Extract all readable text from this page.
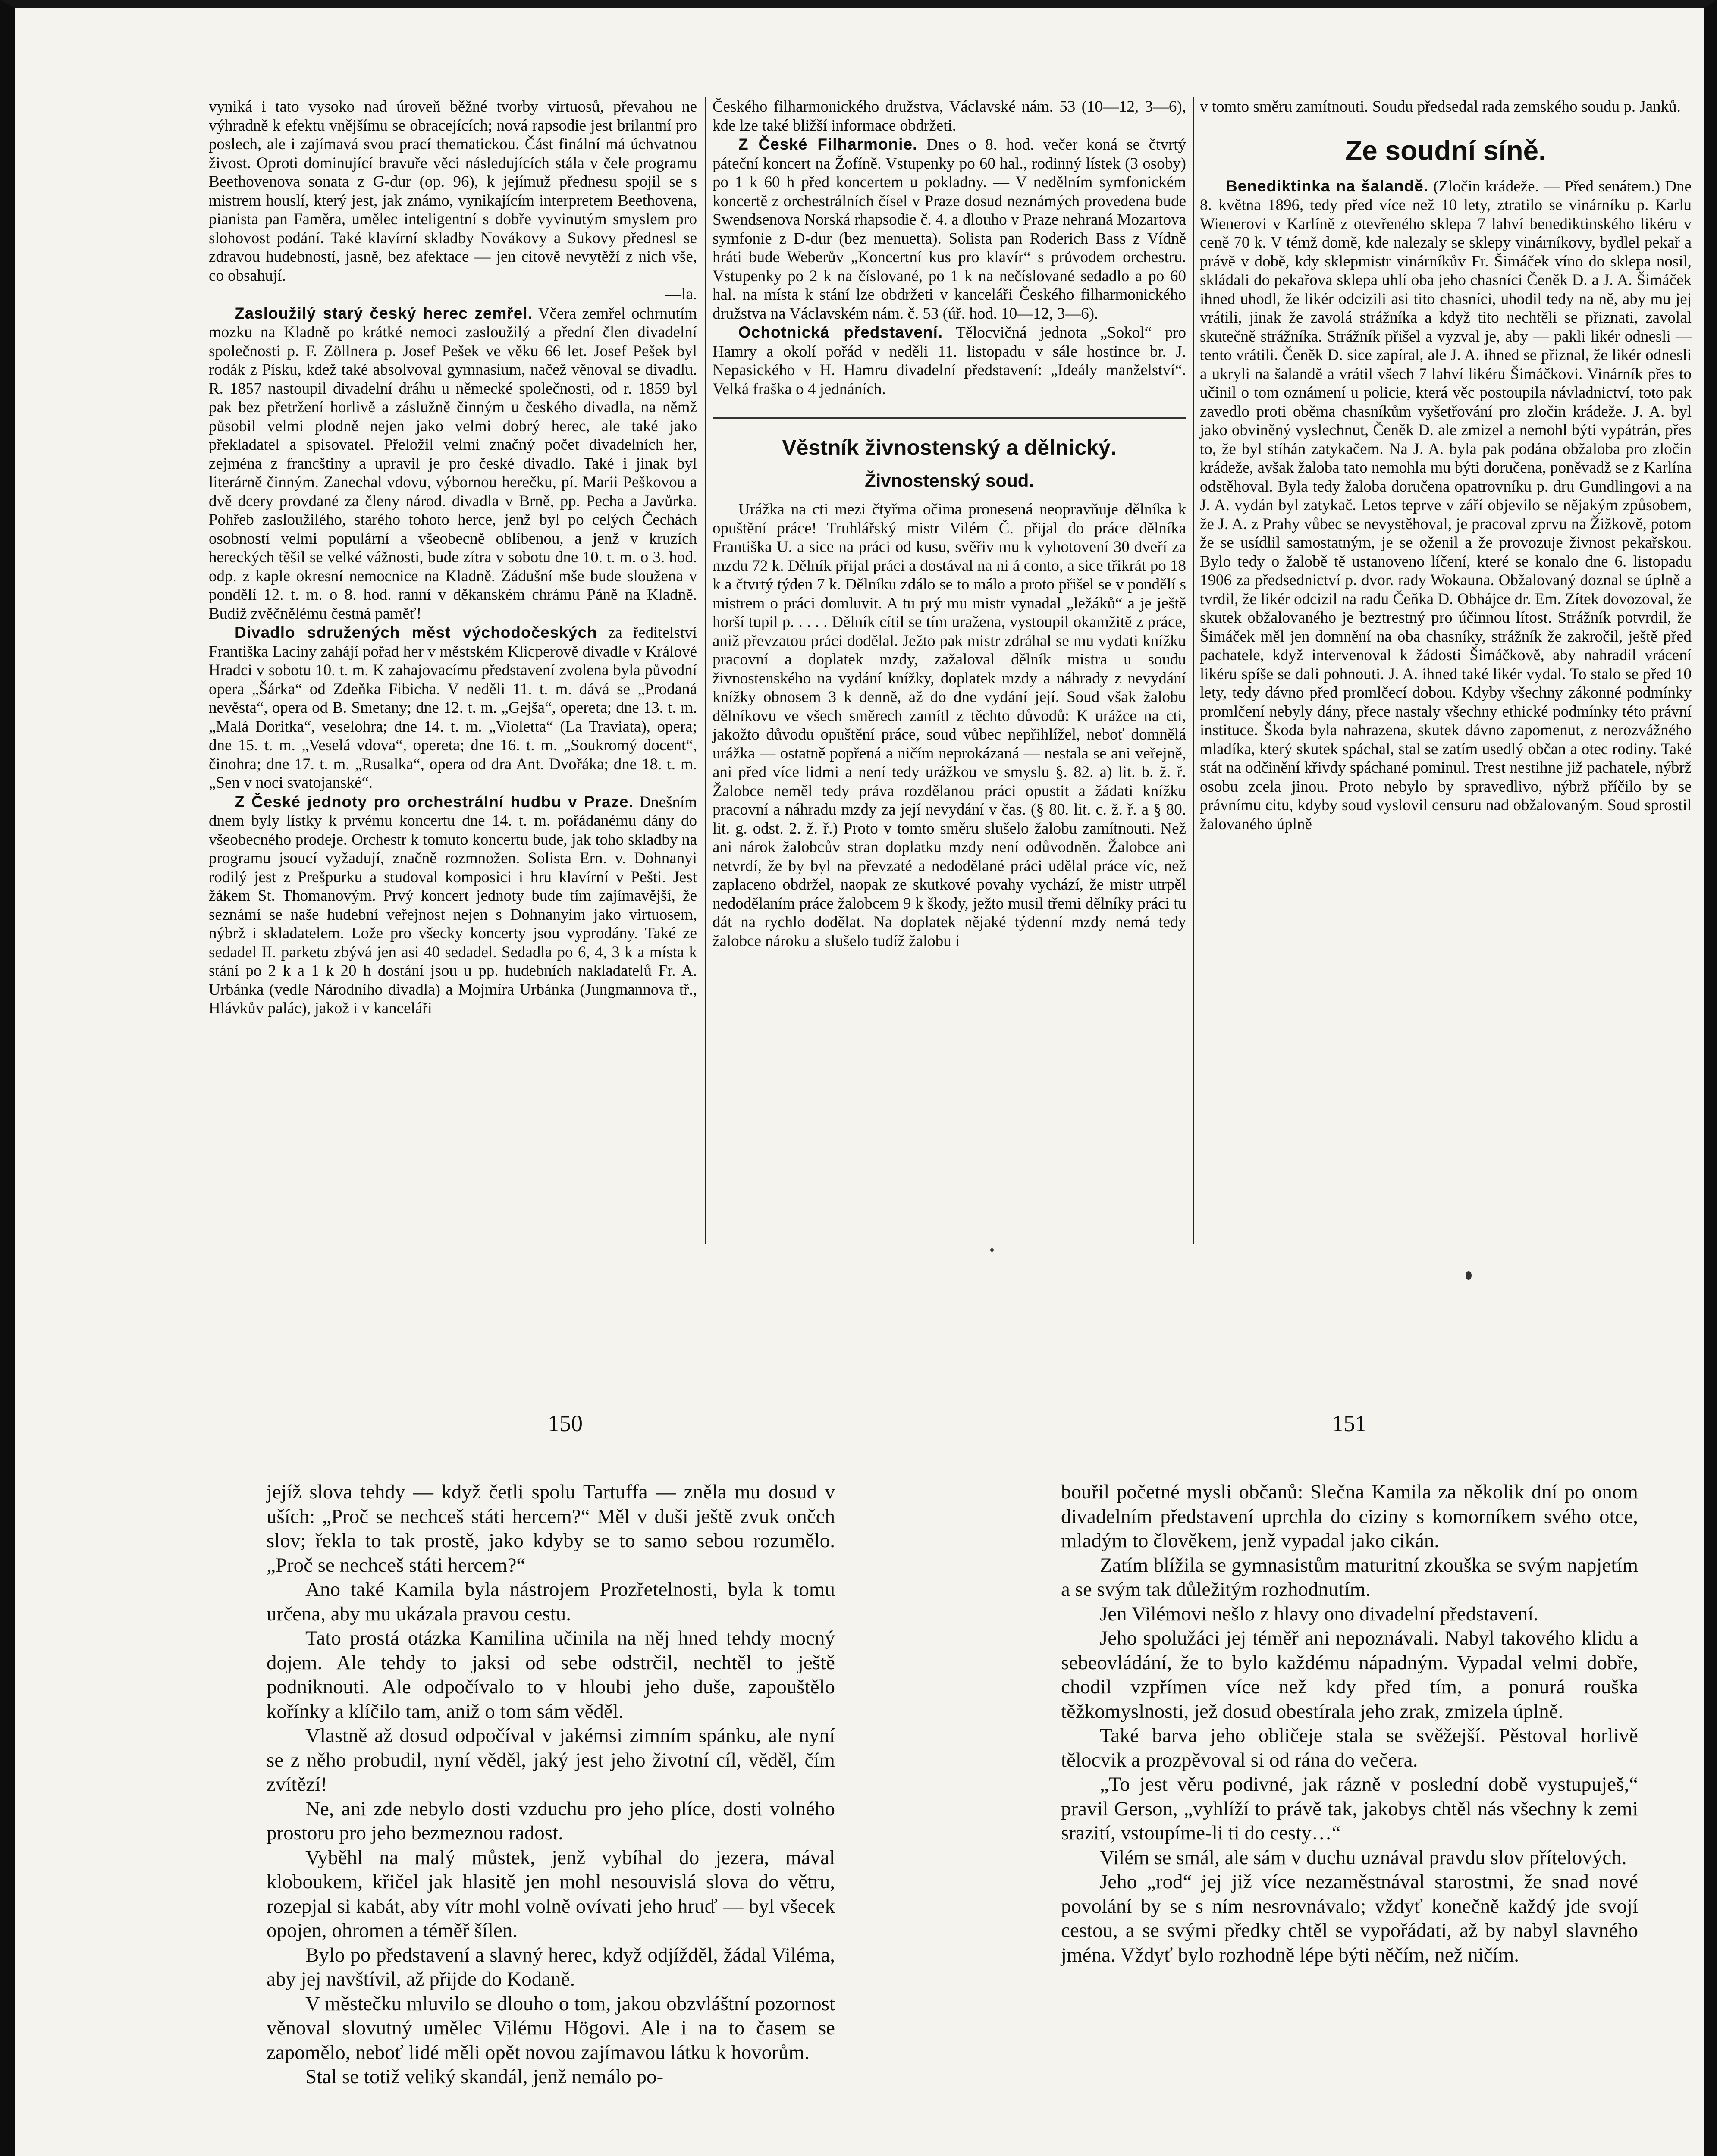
vyniká i tato vysoko nad úroveň běžné tvorby virtuosů, převahou ne výhradně k efektu vnějšímu se obracejících; nová rapsodie jest brilantní pro poslech, ale i zajímavá svou prací thematickou. Část finální má úchvatnou živost. Oproti dominující bravuře věci následujících stála v čele programu Beethovenova sonata z G-dur (op. 96), k jejímuž přednesu spojil se s mistrem houslí, který jest, jak známo, vynikajícím interpretem Beethovena, pianista pan Faměra, umělec inteligentní s dobře vyvinutým smyslem pro slohovost podání. Také klavírní skladby Novákovy a Sukovy přednesl se zdravou hudebností, jasně, bez afektace — jen citově nevytěží z nich vše, co obsahují.

—la.

Zasloužilý starý český herec zemřel. Včera zemřel ochrnutím mozku na Kladně po krátké nemoci zasloužilý a přední člen divadelní společnosti p. F. Zöllnera p. Josef Pešek ve věku 66 let. Josef Pešek byl rodák z Písku, kdež také absolvoval gymnasium, načež věnoval se divadlu. R. 1857 nastoupil divadelní dráhu u německé společnosti, od r. 1859 byl pak bez přetržení horlivě a záslužně činným u českého divadla, na němž působil velmi plodně nejen jako velmi dobrý herec, ale také jako překladatel a spisovatel. Přeložil velmi značný počet divadelních her, zejména z francštiny a upravil je pro české divadlo. Také i jinak byl literárně činným. Zanechal vdovu, výbornou herečku, pí. Marii Peškovou a dvě dcery provdané za členy národ. divadla v Brně, pp. Pecha a Javůrka. Pohřeb zasloužilého, starého tohoto herce, jenž byl po celých Čechách osobností velmi populární a všeobecně oblíbenou, a jenž v kruzích hereckých těšil se velké vážnosti, bude zítra v sobotu dne 10. t. m. o 3. hod. odp. z kaple okresní nemocnice na Kladně. Zádušní mše bude sloužena v pondělí 12. t. m. o 8. hod. ranní v děkanském chrámu Páně na Kladně. Budiž zvěčnělému čestná paměť!

Divadlo sdružených měst východočeských za ředitelství Františka Laciny zahájí pořad her v městském Klicperově divadle v Králové Hradci v sobotu 10. t. m. K zahajovacímu představení zvolena byla původní opera „Šárka“ od Zdeňka Fibicha. V neděli 11. t. m. dává se „Prodaná nevěsta“, opera od B. Smetany; dne 12. t. m. „Gejša“, opereta; dne 13. t. m. „Malá Doritka“, veselohra; dne 14. t. m. „Violetta“ (La Traviata), opera; dne 15. t. m. „Veselá vdova“, opereta; dne 16. t. m. „Soukromý docent“, činohra; dne 17. t. m. „Rusalka“, opera od dra Ant. Dvořáka; dne 18. t. m. „Sen v noci svatojanské“.

Z České jednoty pro orchestrální hudbu v Praze. Dnešním dnem byly lístky k prvému koncertu dne 14. t. m. pořádanému dány do všeobecného prodeje. Orchestr k tomuto koncertu bude, jak toho skladby na programu jsoucí vyžadují, značně rozmnožen. Solista Ern. v. Dohnanyi rodilý jest z Prešpurku a studoval komposici i hru klavírní v Pešti. Jest žákem St. Thomanovým. Prvý koncert jednoty bude tím zajímavější, že seznámí se naše hudební veřejnost nejen s Dohnanyim jako virtuosem, nýbrž i skladatelem. Lože pro všecky koncerty jsou vyprodány. Také ze sedadel II. parketu zbývá jen asi 40 sedadel. Sedadla po 6, 4, 3 k a místa k stání po 2 k a 1 k 20 h dostání jsou u pp. hudebních nakladatelů Fr. A. Urbánka (vedle Národního divadla) a Mojmíra Urbánka (Jungmannova tř., Hlávkův palác), jakož i v kanceláři

Českého filharmonického družstva, Václavské nám. 53 (10—12, 3—6), kde lze také bližší informace obdržeti.

Z České Filharmonie. Dnes o 8. hod. večer koná se čtvrtý páteční koncert na Žofíně. Vstupenky po 60 hal., rodinný lístek (3 osoby) po 1 k 60 h před koncertem u pokladny. — V nedělním symfonickém koncertě z orchestrálních čísel v Praze dosud neznámých provedena bude Swendsenova Norská rhapsodie č. 4. a dlouho v Praze nehraná Mozartova symfonie z D-dur (bez menuetta). Solista pan Roderich Bass z Vídně hráti bude Weberův „Koncertní kus pro klavír“ s průvodem orchestru. Vstupenky po 2 k na číslované, po 1 k na nečíslované sedadlo a po 60 hal. na místa k stání lze obdržeti v kanceláři Českého filharmonického družstva na Václavském nám. č. 53 (úř. hod. 10—12, 3—6).

Ochotnická představení. Tělocvičná jednota „Sokol“ pro Hamry a okolí pořád v neděli 11. listopadu v sále hostince br. J. Nepasického v H. Hamru divadelní představení: „Ideály manželství“. Velká fraška o 4 jednáních.

Věstník živnostenský a dělnický.
Živnostenský soud.

Urážka na cti mezi čtyřma očima pronesená neopravňuje dělníka k opuštění práce! Truhlářský mistr Vilém Č. přijal do práce dělníka Františka U. a sice na práci od kusu, svěřiv mu k vyhotovení 30 dveří za mzdu 72 k. Dělník přijal práci a dostával na ni á conto, a sice třikrát po 18 k a čtvrtý týden 7 k. Dělníku zdálo se to málo a proto přišel se v pondělí s mistrem o práci domluvit. A tu prý mu mistr vynadal „ležáků“ a je ještě horší tupil p. . . . . Dělník cítil se tím uražena, vystoupil okamžitě z práce, aniž převzatou práci dodělal. Ježto pak mistr zdráhal se mu vydati knížku pracovní a doplatek mzdy, zažaloval dělník mistra u soudu živnostenského na vydání knížky, doplatek mzdy a náhrady z nevydání knížky obnosem 3 k denně, až do dne vydání její. Soud však žalobu dělníkovu ve všech směrech zamítl z těchto důvodů: K urážce na cti, jakožto důvodu opuštění práce, soud vůbec nepřihlížel, neboť domnělá urážka — ostatně popřená a ničím neprokázaná — nestala se ani veřejně, ani před více lidmi a není tedy urážkou ve smyslu §. 82. a) lit. b. ž. ř. Žalobce neměl tedy práva rozdělanou práci opustit a žádati knížku pracovní a náhradu mzdy za její nevydání v čas. (§ 80. lit. c. ž. ř. a § 80. lit. g. odst. 2. ž. ř.) Proto v tomto směru slušelo žalobu zamítnouti. Než ani nárok žalobcův stran doplatku mzdy není odůvodněn. Žalobce ani netvrdí, že by byl na převzaté a nedodělané práci udělal práce víc, než zaplaceno obdržel, naopak ze skutkové povahy vychází, že mistr utrpěl nedodělaním práce žalobcem 9 k škody, ježto musil třemi dělníky práci tu dát na rychlo dodělat. Na doplatek nějaké týdenní mzdy nemá tedy žalobce nároku a slušelo tudíž žalobu i

v tomto směru zamítnouti. Soudu předsedal rada zemského soudu p. Janků.

Ze soudní síně.

Benediktinka na šalandě. (Zločin krádeže. — Před senátem.) Dne 8. května 1896, tedy před více než 10 lety, ztratilo se vinárníku p. Karlu Wienerovi v Karlíně z otevřeného sklepa 7 lahví benediktinského likéru v ceně 70 k. V témž domě, kde nalezaly se sklepy vinárníkovy, bydlel pekař a právě v době, kdy sklepmistr vinárníkův Fr. Šimáček víno do sklepa nosil, skládali do pekařova sklepa uhlí oba jeho chasníci Čeněk D. a J. A. Šimáček ihned uhodl, že likér odcizili asi tito chasníci, uhodil tedy na ně, aby mu jej vrátili, jinak že zavolá strážníka a když tito nechtěli se přiznati, zavolal skutečně strážníka. Strážník přišel a vyzval je, aby — pakli likér odnesli — tento vrátili. Čeněk D. sice zapíral, ale J. A. ihned se přiznal, že likér odnesli a ukryli na šalandě a vrátil všech 7 lahví likéru Šimáčkovi. Vinárník přes to učinil o tom oznámení u policie, která věc postoupila návladnictví, toto pak zavedlo proti oběma chasníkům vyšetřování pro zločin krádeže. J. A. byl jako obviněný vyslechnut, Čeněk D. ale zmizel a nemohl býti vypátrán, přes to, že byl stíhán zatykačem. Na J. A. byla pak podána obžaloba pro zločin krádeže, avšak žaloba tato nemohla mu býti doručena, poněvadž se z Karlína odstěhoval. Byla tedy žaloba doručena opatrovníku p. dru Gundlingovi a na J. A. vydán byl zatykač. Letos teprve v září objevilo se nějakým způsobem, že J. A. z Prahy vůbec se nevystěhoval, je pracoval zprvu na Žižkově, potom že se usídlil samostatným, je se oženil a že provozuje živnost pekařskou. Bylo tedy o žalobě tě ustanoveno líčení, které se konalo dne 6. listopadu 1906 za předsednictví p. dvor. rady Wokauna. Obžalovaný doznal se úplně a tvrdil, že likér odcizil na radu Čeňka D. Obhájce dr. Em. Zítek dovozoval, že skutek obžalovaného je beztrestný pro účinnou lítost. Strážník potvrdil, že Šimáček měl jen domnění na oba chasníky, strážník že zakročil, ještě před pachatele, když intervenoval k žádosti Šimáčkově, aby nahradil vrácení likéru spíše se dali pohnouti. J. A. ihned také likér vydal. To stalo se před 10 lety, tedy dávno před promlčecí dobou. Kdyby všechny zákonné podmínky promlčení nebyly dány, přece nastaly všechny ethické podmínky této právní instituce. Škoda byla nahrazena, skutek dávno zapomenut, z nerozvážného mladíka, který skutek spáchal, stal se zatím usedlý občan a otec rodiny. Také stát na odčinění křivdy spáchané pominul. Trest nestihne již pachatele, nýbrž osobu zcela jinou. Proto nebylo by spravedlivo, nýbrž příčilo by se právnímu citu, kdyby soud vyslovil censuru nad obžalovaným. Soud sprostil žalovaného úplně

150	151

jejíž slova tehdy — když četli spolu Tartuffa — zněla mu dosud v uších: „Proč se nechceš státi hercem?“ Měl v duši ještě zvuk ončch slov; řekla to tak prostě, jako kdyby se to samo sebou rozumělo. „Proč se nechceš státi hercem?“

Ano také Kamila byla nástrojem Prozřetelnosti, byla k tomu určena, aby mu ukázala pravou cestu.

Tato prostá otázka Kamilina učinila na něj hned tehdy mocný dojem. Ale tehdy to jaksi od sebe odstrčil, nechtěl to ještě podniknouti. Ale odpočívalo to v hloubi jeho duše, zapouštělo kořínky a klíčilo tam, aniž o tom sám věděl.

Vlastně až dosud odpočíval v jakémsi zimním spánku, ale nyní se z něho probudil, nyní věděl, jaký jest jeho životní cíl, věděl, čím zvítězí!

Ne, ani zde nebylo dosti vzduchu pro jeho plíce, dosti volného prostoru pro jeho bezmeznou radost.

Vyběhl na malý můstek, jenž vybíhal do jezera, mával kloboukem, křičel jak hlasitě jen mohl nesouvislá slova do větru, rozepjal si kabát, aby vítr mohl volně ovívati jeho hruď — byl všecek opojen, ohromen a téměř šílen.

Bylo po představení a slavný herec, když odjížděl, žádal Viléma, aby jej navštívil, až přijde do Kodaně.

V městečku mluvilo se dlouho o tom, jakou obzvláštní pozornost věnoval slovutný umělec Vilému Högovi. Ale i na to časem se zapomělo, neboť lidé měli opět novou zajímavou látku k hovorům.

Stal se totiž veliký skandál, jenž nemálo po-

bouřil početné mysli občanů: Slečna Kamila za několik dní po onom divadelním představení uprchla do ciziny s komorníkem svého otce, mladým to člověkem, jenž vypadal jako cikán.

Zatím blížila se gymnasistům maturitní zkouška se svým napjetím a se svým tak důležitým rozhodnutím.

Jen Vilémovi nešlo z hlavy ono divadelní představení.

Jeho spolužáci jej téměř ani nepoznávali. Nabyl takového klidu a sebeovládání, že to bylo každému nápadným. Vypadal velmi dobře, chodil vzpřímen více než kdy před tím, a ponurá rouška těžkomyslnosti, jež dosud obestírala jeho zrak, zmizela úplně.

Také barva jeho obličeje stala se svěžejší. Pěstoval horlivě tělocvik a prozpěvoval si od rána do večera.

„To jest věru podivné, jak rázně v poslední době vystupuješ,“ pravil Gerson, „vyhlíží to právě tak, jakobys chtěl nás všechny k zemi srazití, vstoupíme-li ti do cesty…“

Vilém se smál, ale sám v duchu uznával pravdu slov přítelových.

Jeho „rod“ jej již více nezaměstnával starostmi, že snad nové povolání by se s ním nesrovnávalo; vždyť konečně každý jde svojí cestou, a se svými předky chtěl se vypořádati, až by nabyl slavného jména. Vždyť bylo rozhodně lépe býti něčím, než ničím.
